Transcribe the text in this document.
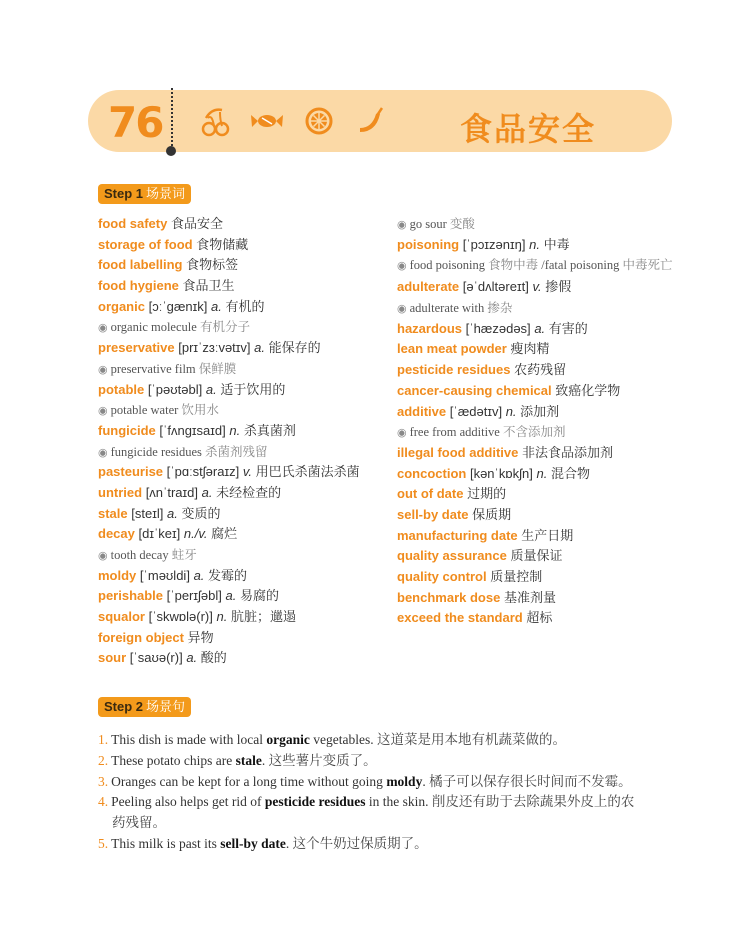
76	食品安全
Step 1 场景词
food safety 食品安全
storage of food 食物储藏
food labelling 食物标签
food hygiene 食品卫生
organic [ɔːˈgænɪk] a. 有机的
◉ organic molecule 有机分子
preservative [prɪˈzɜːvətɪv] a. 能保存的
◉ preservative film 保鲜膜
potable [ˈpəʊtəbl] a. 适于饮用的
◉ potable water 饮用水
fungicide [ˈfʌngɪsaɪd] n. 杀真菌剂
◉ fungicide residues 杀菌剂残留
pasteurise [ˈpɑːstʃəraɪz] v. 用巴氏杀菌法杀菌
untried [ʌnˈtraɪd] a. 未经检查的
stale [steɪl] a. 变质的
decay [dɪˈkeɪ] n./v. 腐烂
◉ tooth decay 蛀牙
moldy [ˈməʊldi] a. 发霉的
perishable [ˈperɪʃəbl] a. 易腐的
squalor [ˈskwɒlə(r)] n. 肮脏；邋遢
foreign object 异物
sour [ˈsaʊə(r)] a. 酸的
◉ go sour 变酸
poisoning [ˈpɔɪzənɪŋ] n. 中毒
◉ food poisoning 食物中毒 /fatal poisoning 中毒死亡
adulterate [əˈdʌltəreɪt] v. 掺假
◉ adulterate with 掺杂
hazardous [ˈhæzədəs] a. 有害的
lean meat powder 瘦肉精
pesticide residues 农药残留
cancer-causing chemical 致癌化学物
additive [ˈædətɪv] n. 添加剂
◉ free from additive 不含添加剂
illegal food additive 非法食品添加剂
concoction [kənˈkɒkʃn] n. 混合物
out of date 过期的
sell-by date 保质期
manufacturing date 生产日期
quality assurance 质量保证
quality control 质量控制
benchmark dose 基准剂量
exceed the standard 超标
Step 2 场景句
1. This dish is made with local organic vegetables. 这道菜是用本地有机蔬菜做的。
2. These potato chips are stale. 这些薯片变质了。
3. Oranges can be kept for a long time without going moldy. 橘子可以保存很长时间而不发霉。
4. Peeling also helps get rid of pesticide residues in the skin. 削皮还有助于去除蔬果外皮上的农
药残留。
5. This milk is past its sell-by date. 这个牛奶过保质期了。
